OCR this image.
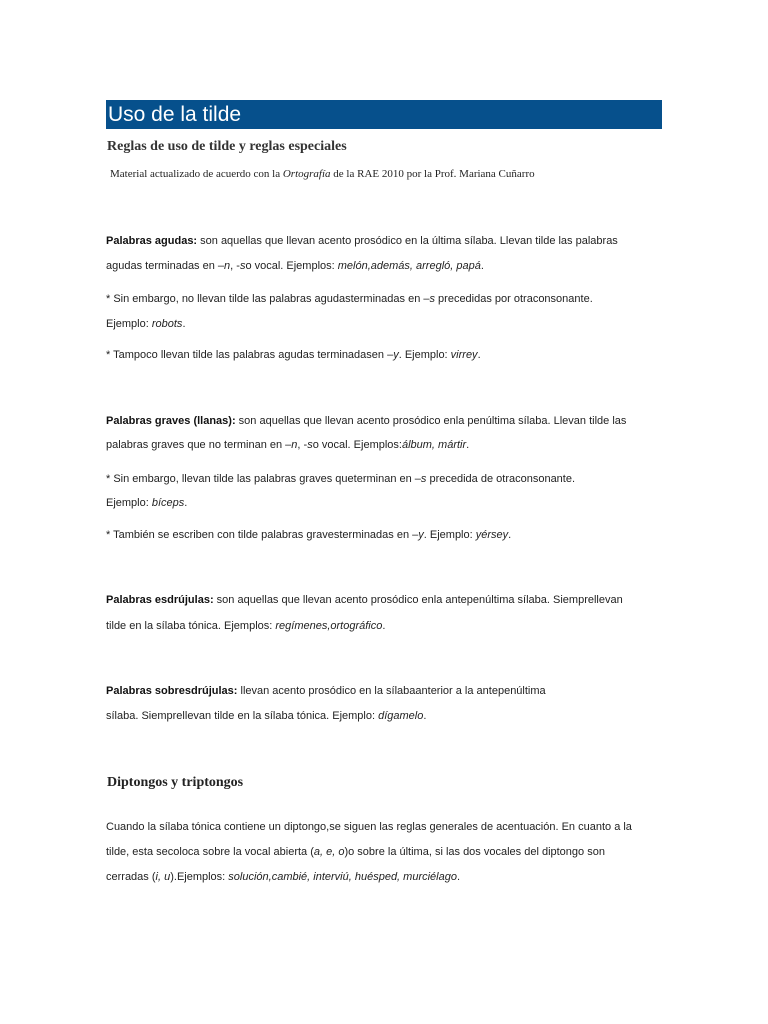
Uso de la tilde
Reglas de uso de tilde y reglas especiales
Material actualizado de acuerdo con la Ortografía de la RAE 2010 por la Prof. Mariana Cuñarro
Palabras agudas: son aquellas que llevan acento prosódico en la última sílaba. Llevan tilde las palabras
agudas terminadas en –n, -so vocal. Ejemplos: melón,además, arregló, papá.
* Sin embargo, no llevan tilde las palabras agudasterminadas en –s precedidas por otraconsonante.
Ejemplo: robots.
* Tampoco llevan tilde las palabras agudas terminadasen –y. Ejemplo: virrey.
Palabras graves (llanas): son aquellas que llevan acento prosódico enla penúltima sílaba. Llevan tilde las
palabras graves que no terminan en –n, -so vocal. Ejemplos:álbum, mártir.
* Sin embargo, llevan tilde las palabras graves queterminan en –s precedida de otraconsonante.
Ejemplo: bíceps.
* También se escriben con tilde palabras gravesterminadas en –y. Ejemplo: yérsey.
Palabras esdrújulas: son aquellas que llevan acento prosódico enla antepenúltima sílaba. Siemprellevan
tilde en la sílaba tónica. Ejemplos: regímenes,ortográfico.
Palabras sobresdrújulas: llevan acento prosódico en la sílabaanterior a la antepenúltima
sílaba. Siemprellevan tilde en la sílaba tónica. Ejemplo: dígamelo.
Diptongos y triptongos
Cuando la sílaba tónica contiene un diptongo,se siguen las reglas generales de acentuación. En cuanto a la
tilde, esta secoloca sobre la vocal abierta (a, e, o)o sobre la última, si las dos vocales del diptongo son
cerradas (i, u).Ejemplos: solución,cambié, interviú, huésped, murciélago.
